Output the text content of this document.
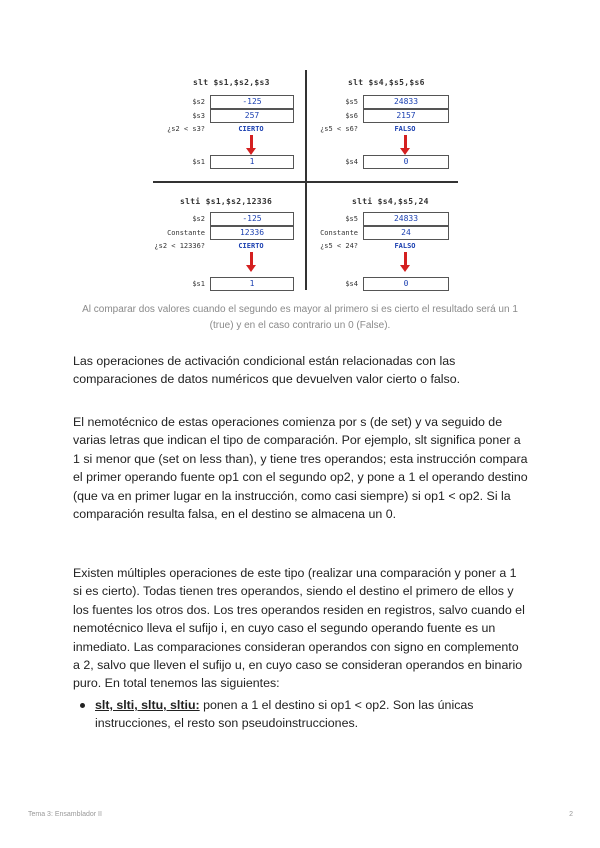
slt $s1,$s2,$s3
$s2	-125
$s3	257
¿s2 < s3?	CIERTO
$s1	1
slt $s4,$s5,$s6
$s5	24833
$s6	2157
¿s5 < s6?	FALSO
$s4	0
slti $s1,$s2,12336
$s2	-125
Constante	12336
¿s2 < 12336?	CIERTO
$s1	1
slti $s4,$s5,24
$s5	24833
Constante	24
¿s5 < 24?	FALSO
$s4	0
Al comparar dos valores cuando el segundo es mayor al primero si es cierto el resultado será un 1 (true) y en el caso contrario un 0 (False).

Las operaciones de activación condicional están relacionadas con las comparaciones de datos numéricos que devuelven valor cierto o falso.

El nemotécnico de estas operaciones comienza por s (de set) y va seguido de varias letras que indican el tipo de comparación. Por ejemplo, slt significa poner a 1 si menor que (set on less than), y tiene tres operandos; esta instrucción compara el primer operando fuente op1 con el segundo op2, y pone a 1 el operando destino (que va en primer lugar en la instrucción, como casi siempre) si op1 < op2. Si la comparación resulta falsa, en el destino se almacena un 0.

Existen múltiples operaciones de este tipo (realizar una comparación y poner a 1 si es cierto). Todas tienen tres operandos, siendo el destino el primero de ellos y los fuentes los otros dos. Los tres operandos residen en registros, salvo cuando el nemotécnico lleva el sufijo i, en cuyo caso el segundo operando fuente es un inmediato. Las comparaciones consideran operandos con signo en complemento a 2, salvo que lleven el sufijo u, en cuyo caso se consideran operandos en binario puro. En total tenemos las siguientes:

slt, slti, sltu, sltiu: ponen a 1 el destino si op1 < op2. Son las únicas instrucciones, el resto son pseudoinstrucciones.
Tema 3: Ensamblador II	2
